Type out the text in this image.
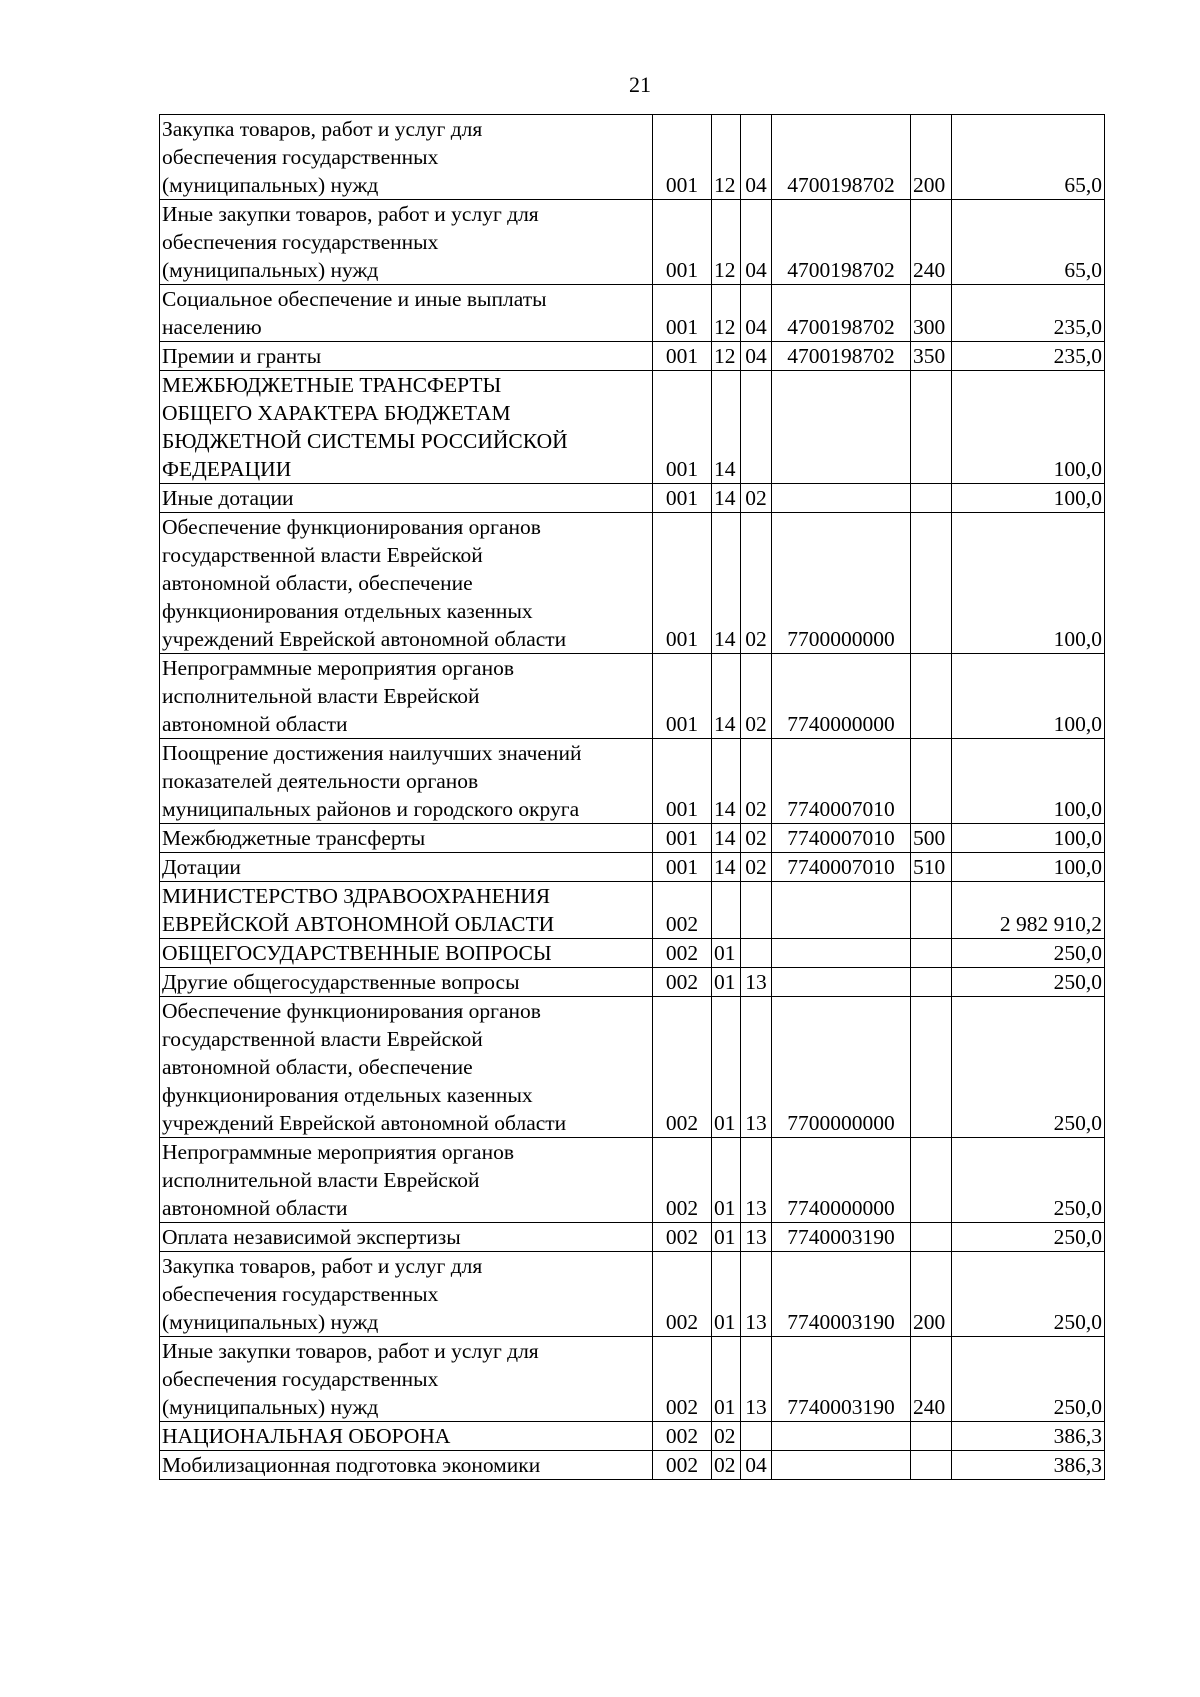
21
Закупка товаров, работ и услуг для
обеспечения государственных
(муниципальных) нужд	001	12	04	4700198702	200	65,0

Иные закупки товаров, работ и услуг для
обеспечения государственных
(муниципальных) нужд	001	12	04	4700198702	240	65,0

Социальное обеспечение и иные выплаты
населению	001	12	04	4700198702	300	235,0

Премии и гранты	001	12	04	4700198702	350	235,0

МЕЖБЮДЖЕТНЫЕ ТРАНСФЕРТЫ
ОБЩЕГО ХАРАКТЕРА БЮДЖЕТАМ
БЮДЖЕТНОЙ СИСТЕМЫ РОССИЙСКОЙ
ФЕДЕРАЦИИ	001	14				100,0

Иные дотации	001	14	02			100,0

Обеспечение функционирования органов
государственной власти Еврейской
автономной области, обеспечение
функционирования отдельных казенных
учреждений Еврейской автономной области	001	14	02	7700000000		100,0

Непрограммные мероприятия органов
исполнительной власти Еврейской
автономной области	001	14	02	7740000000		100,0

Поощрение достижения наилучших значений
показателей деятельности органов
муниципальных районов и городского округа	001	14	02	7740007010		100,0

Межбюджетные трансферты	001	14	02	7740007010	500	100,0

Дотации	001	14	02	7740007010	510	100,0

МИНИСТЕРСТВО ЗДРАВООХРАНЕНИЯ
ЕВРЕЙСКОЙ АВТОНОМНОЙ ОБЛАСТИ	002					2 982 910,2

ОБЩЕГОСУДАРСТВЕННЫЕ ВОПРОСЫ	002	01				250,0

Другие общегосударственные вопросы	002	01	13			250,0

Обеспечение функционирования органов
государственной власти Еврейской
автономной области, обеспечение
функционирования отдельных казенных
учреждений Еврейской автономной области	002	01	13	7700000000		250,0

Непрограммные мероприятия органов
исполнительной власти Еврейской
автономной области	002	01	13	7740000000		250,0

Оплата независимой экспертизы	002	01	13	7740003190		250,0

Закупка товаров, работ и услуг для
обеспечения государственных
(муниципальных) нужд	002	01	13	7740003190	200	250,0

Иные закупки товаров, работ и услуг для
обеспечения государственных
(муниципальных) нужд	002	01	13	7740003190	240	250,0

НАЦИОНАЛЬНАЯ ОБОРОНА	002	02				386,3

Мобилизационная подготовка экономики	002	02	04			386,3
